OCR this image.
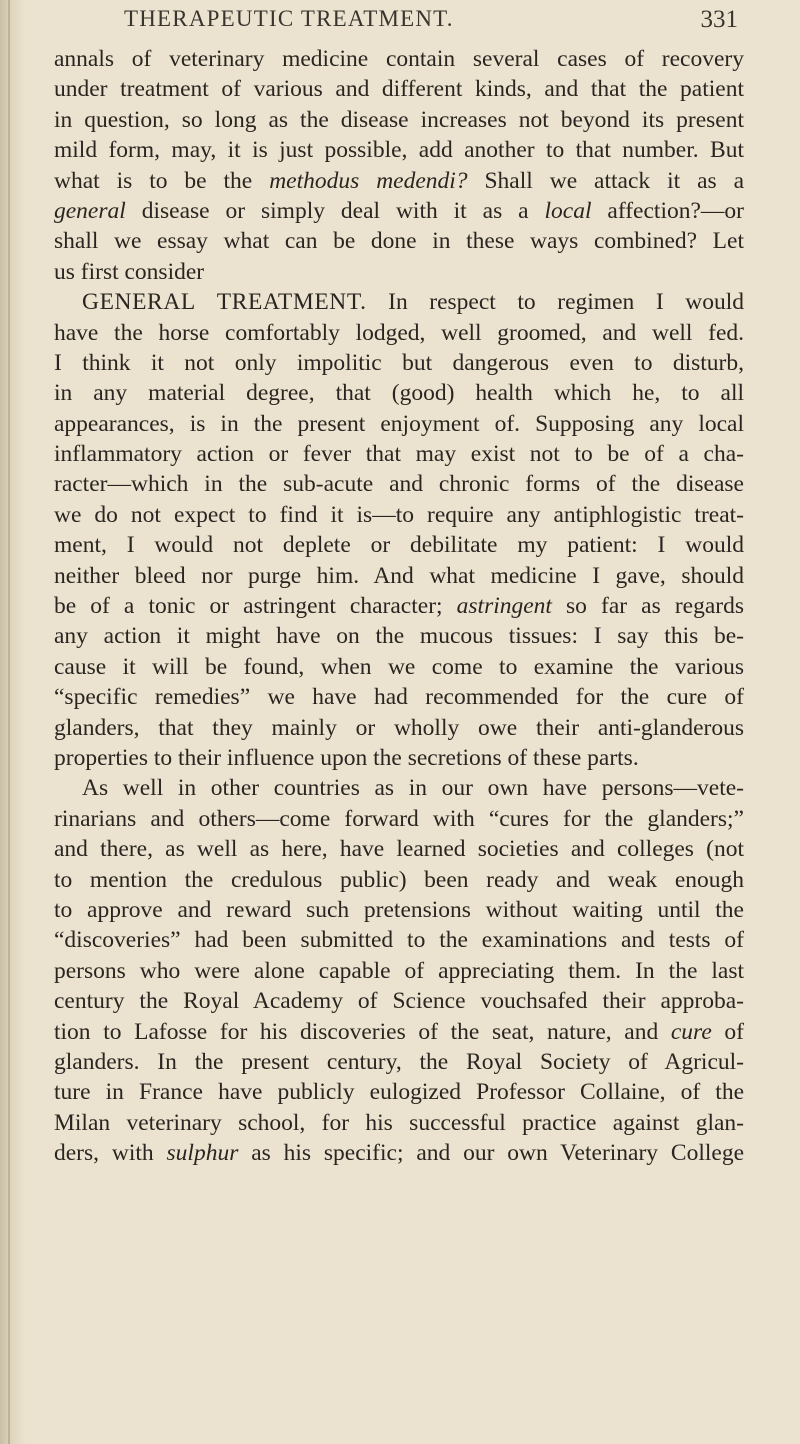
THERAPEUTIC TREATMENT.	331
annals of veterinary medicine contain several cases of recovery
under treatment of various and different kinds, and that the patient
in question, so long as the disease increases not beyond its present
mild form, may, it is just possible, add another to that number. But
what is to be the methodus medendi? Shall we attack it as a
general disease or simply deal with it as a local affection?—or
shall we essay what can be done in these ways combined? Let
us first consider
GENERAL TREATMENT. In respect to regimen I would
have the horse comfortably lodged, well groomed, and well fed.
I think it not only impolitic but dangerous even to disturb,
in any material degree, that (good) health which he, to all
appearances, is in the present enjoyment of. Supposing any local
inflammatory action or fever that may exist not to be of a cha-
racter—which in the sub-acute and chronic forms of the disease
we do not expect to find it is—to require any antiphlogistic treat-
ment, I would not deplete or debilitate my patient: I would
neither bleed nor purge him. And what medicine I gave, should
be of a tonic or astringent character; astringent so far as regards
any action it might have on the mucous tissues: I say this be-
cause it will be found, when we come to examine the various
“specific remedies” we have had recommended for the cure of
glanders, that they mainly or wholly owe their anti-glanderous
properties to their influence upon the secretions of these parts.
As well in other countries as in our own have persons—vete-
rinarians and others—come forward with “cures for the glanders;”
and there, as well as here, have learned societies and colleges (not
to mention the credulous public) been ready and weak enough
to approve and reward such pretensions without waiting until the
“discoveries” had been submitted to the examinations and tests of
persons who were alone capable of appreciating them. In the last
century the Royal Academy of Science vouchsafed their approba-
tion to Lafosse for his discoveries of the seat, nature, and cure of
glanders. In the present century, the Royal Society of Agricul-
ture in France have publicly eulogized Professor Collaine, of the
Milan veterinary school, for his successful practice against glan-
ders, with sulphur as his specific; and our own Veterinary College
